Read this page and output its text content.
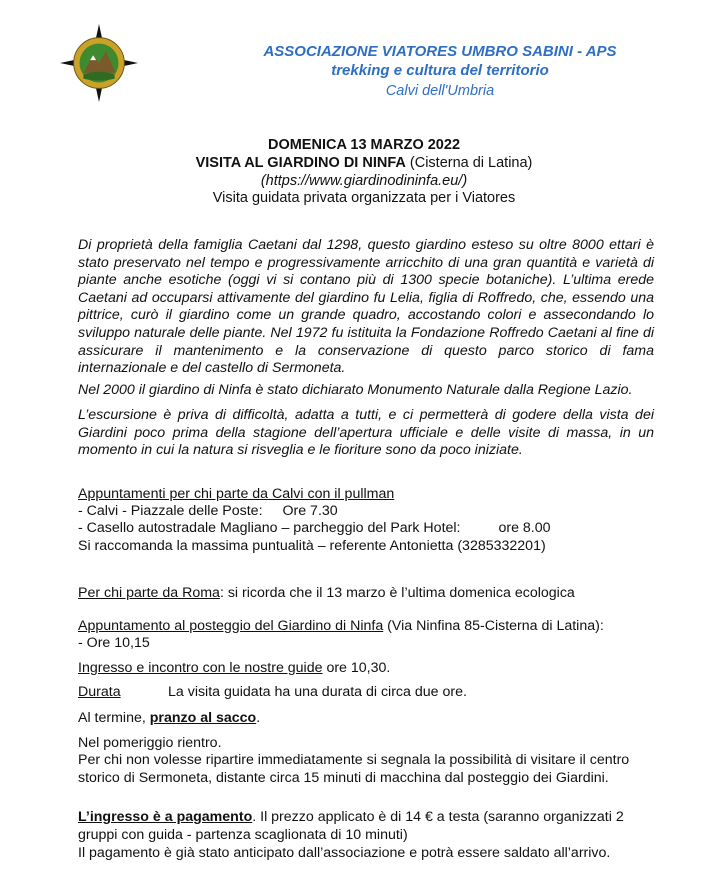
ASSOCIAZIONE VIATORES UMBRO SABINI - APS
trekking e cultura del territorio
Calvi dell'Umbria
DOMENICA 13 MARZO 2022
VISITA AL GIARDINO DI NINFA (Cisterna di Latina)
(https://www.giardinodininfa.eu/)
Visita guidata privata organizzata per i Viatores
Di proprietà della famiglia Caetani dal 1298, questo giardino esteso su oltre 8000 ettari è stato preservato nel tempo e progressivamente arricchito di una gran quantità e varietà di piante anche esotiche (oggi vi si contano più di 1300 specie botaniche). L’ultima erede Caetani ad occuparsi attivamente del giardino fu Lelia, figlia di Roffredo, che, essendo una pittrice, curò il giardino come un grande quadro, accostando colori e assecondando lo sviluppo naturale delle piante. Nel 1972 fu istituita la Fondazione Roffredo Caetani al fine di assicurare il mantenimento e la conservazione di questo parco storico di fama internazionale e del castello di Sermoneta.
Nel 2000 il giardino di Ninfa è stato dichiarato Monumento Naturale dalla Regione Lazio.
L’escursione è priva di difficoltà, adatta a tutti, e ci permetterà di godere della vista dei Giardini poco prima della stagione dell’apertura ufficiale e delle visite di massa, in un momento in cui la natura si risveglia e le fioriture sono da poco iniziate.
Appuntamenti per chi parte da Calvi con il pullman
- Calvi - Piazzale delle Poste: Ore 7.30
- Casello autostradale Magliano – parcheggio del Park Hotel:	ore 8.00
Si raccomanda la massima puntualità – referente Antonietta (3285332201)
Per chi parte da Roma: si ricorda che il 13 marzo è l’ultima domenica ecologica
Appuntamento al posteggio del Giardino di Ninfa (Via Ninfina 85-Cisterna di Latina):
- Ore 10,15
Ingresso e incontro con le nostre guide ore 10,30.
Durata	La visita guidata ha una durata di circa due ore.
Al termine, pranzo al sacco.
Nel pomeriggio rientro.
Per chi non volesse ripartire immediatamente si segnala la possibilità di visitare il centro storico di Sermoneta, distante circa 15 minuti di macchina dal posteggio dei Giardini.
L’ingresso è a pagamento. Il prezzo applicato è di 14 € a testa (saranno organizzati 2 gruppi con guida - partenza scaglionata di 10 minuti)
Il pagamento è già stato anticipato dall’associazione e potrà essere saldato all’arrivo.
